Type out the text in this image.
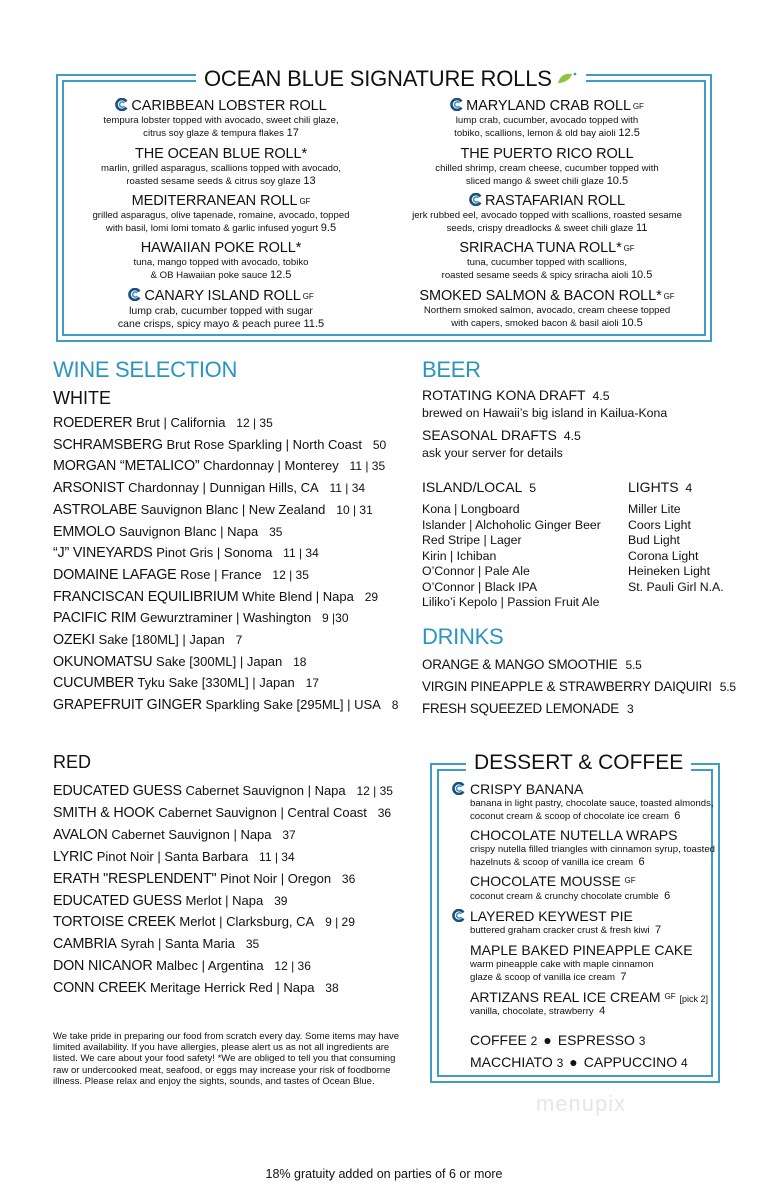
OCEAN BLUE SIGNATURE ROLLS
CARIBBEAN LOBSTER ROLL
tempura lobster topped with avocado, sweet chili glaze,
citrus soy glaze & tempura flakes 17
THE OCEAN BLUE ROLL*
marlin, grilled asparagus, scallions topped with avocado,
roasted sesame seeds & citrus soy glaze 13
MEDITERRANEAN ROLL $^{GF}$
grilled asparagus, olive tapenade, romaine, avocado, topped
with basil, lomi lomi tomato & garlic infused yogurt 9.5
HAWAIIAN POKE ROLL*
tuna, mango topped with avocado, tobiko
& OB Hawaiian poke sauce 12.5
CANARY ISLAND ROLL $^{GF}$
lump crab, cucumber topped with sugar
cane crisps, spicy mayo & peach puree 11.5
MARYLAND CRAB ROLL $^{GF}$
lump crab, cucumber, avocado topped with
tobiko, scallions, lemon & old bay aioli 12.5
THE PUERTO RICO ROLL
chilled shrimp, cream cheese, cucumber topped with
sliced mango & sweet chili glaze 10.5
RASTAFARIAN ROLL
jerk rubbed eel, avocado topped with scallions, roasted sesame
seeds, crispy dreadlocks & sweet chili glaze 11
SRIRACHA TUNA ROLL* $^{GF}$
tuna, cucumber topped with scallions,
roasted sesame seeds & spicy sriracha aioli 10.5
SMOKED SALMON & BACON ROLL* $^{GF}$
Northern smoked salmon, avocado, cream cheese topped
with capers, smoked bacon & basil aioli 10.5
WINE SELECTION
WHITE
ROEDERER Brut | California 12 | 35
SCHRAMSBERG Brut Rose Sparkling | North Coast 50
MORGAN “METALICO” Chardonnay | Monterey 11 | 35
ARSONIST Chardonnay | Dunnigan Hills, CA 11 | 34
ASTROLABE Sauvignon Blanc | New Zealand 10 | 31
EMMOLO Sauvignon Blanc | Napa 35
“J” VINEYARDS Pinot Gris | Sonoma 11 | 34
DOMAINE LAFAGE Rose | France 12 | 35
FRANCISCAN EQUILIBRIUM White Blend | Napa 29
PACIFIC RIM Gewurztraminer | Washington 9 |30
OZEKI Sake [180ML] | Japan 7
OKUNOMATSU Sake [300ML] | Japan 18
CUCUMBER Tyku Sake [330ML] | Japan 17
GRAPEFRUIT GINGER Sparkling Sake [295ML] | USA 8
RED
EDUCATED GUESS Cabernet Sauvignon | Napa 12 | 35
SMITH & HOOK Cabernet Sauvignon | Central Coast 36
AVALON Cabernet Sauvignon | Napa 37
LYRIC Pinot Noir | Santa Barbara 11 | 34
ERATH "RESPLENDENT" Pinot Noir | Oregon 36
EDUCATED GUESS Merlot | Napa 39
TORTOISE CREEK Merlot | Clarksburg, CA 9 | 29
CAMBRIA Syrah | Santa Maria 35
DON NICANOR Malbec | Argentina 12 | 36
CONN CREEK Meritage Herrick Red | Napa 38
BEER
ROTATING KONA DRAFT 4.5
brewed on Hawaii’s big island in Kailua-Kona
SEASONAL DRAFTS 4.5
ask your server for details
ISLAND/LOCAL 5
Kona | Longboard
Islander | Alchoholic Ginger Beer
Red Stripe | Lager
Kirin | Ichiban
O’Connor | Pale Ale
O’Connor | Black IPA
Liliko’i Kepolo | Passion Fruit Ale
LIGHTS 4
Miller Lite
Coors Light
Bud Light
Corona Light
Heineken Light
St. Pauli Girl N.A.
DRINKS
ORANGE & MANGO SMOOTHIE 5.5
VIRGIN PINEAPPLE & STRAWBERRY DAIQUIRI 5.5
FRESH SQUEEZED LEMONADE 3
DESSERT & COFFEE
CRISPY BANANA
banana in light pastry, chocolate sauce, toasted almonds, coconut cream & scoop of chocolate ice cream 6
CHOCOLATE NUTELLA WRAPS
crispy nutella filled triangles with cinnamon syrup, toasted hazelnuts & scoop of vanilla ice cream 6
CHOCOLATE MOUSSE $^{GF}$
coconut cream & crunchy chocolate crumble 6
LAYERED KEYWEST PIE
buttered graham cracker crust & fresh kiwi 7
MAPLE BAKED PINEAPPLE CAKE
warm pineapple cake with maple cinnamon glaze & scoop of vanilla ice cream 7
ARTIZANS REAL ICE CREAM $^{GF}$ [pick 2]
vanilla, chocolate, strawberry 4
COFFEE 2 ● ESPRESSO 3
MACCHIATO 3 ● CAPPUCCINO 4
We take pride in preparing our food from scratch every day. Some items may have limited availability. If you have allergies, please alert us as not all ingredients are listed. We care about your food safety! *We are obliged to tell you that consuming raw or undercooked meat, seafood, or eggs may increase your risk of foodborne illness. Please relax and enjoy the sights, sounds, and tastes of Ocean Blue.
menupix
18% gratuity added on parties of 6 or more
